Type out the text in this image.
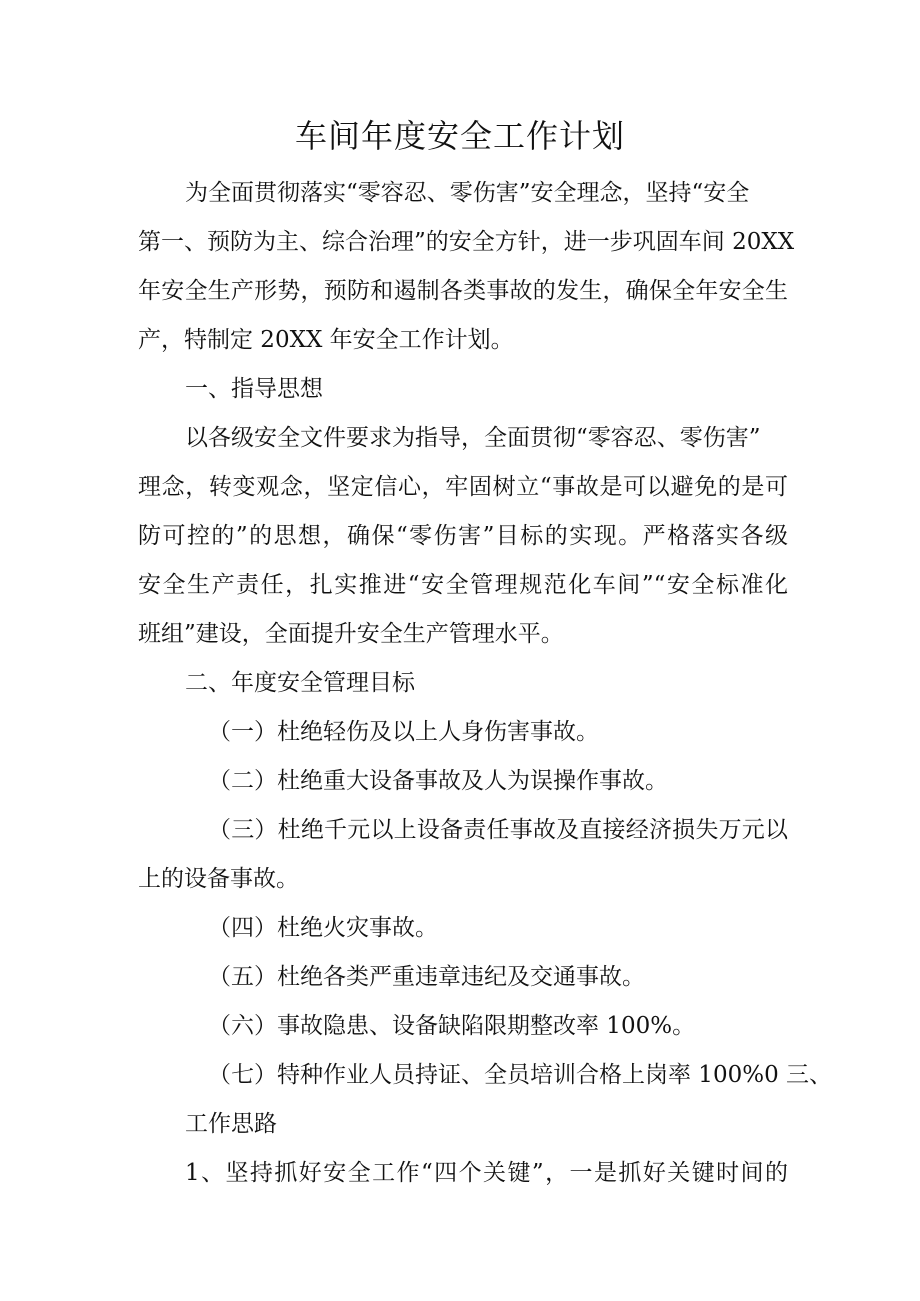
车间年度安全工作计划
为全面贯彻落实“零容忍、零伤害”安全理念，坚持“安全
第一、预防为主、综合治理”的安全方针，进一步巩固车间 20XX
年安全生产形势，预防和遏制各类事故的发生，确保全年安全生
产，特制定 20XX 年安全工作计划。
一、指导思想
以各级安全文件要求为指导，全面贯彻“零容忍、零伤害”
理念，转变观念，坚定信心，牢固树立“事故是可以避免的是可
防可控的”的思想，确保“零伤害”目标的实现。严格落实各级
安全生产责任，扎实推进“安全管理规范化车间”“安全标准化
班组”建设，全面提升安全生产管理水平。
二、年度安全管理目标
（一）杜绝轻伤及以上人身伤害事故。
（二）杜绝重大设备事故及人为误操作事故。
（三）杜绝千元以上设备责任事故及直接经济损失万元以
上的设备事故。
（四）杜绝火灾事故。
（五）杜绝各类严重违章违纪及交通事故。
（六）事故隐患、设备缺陷限期整改率 100%。
（七）特种作业人员持证、全员培训合格上岗率 100%0 三、
工作思路
1、坚持抓好安全工作“四个关键”，一是抓好关键时间的
